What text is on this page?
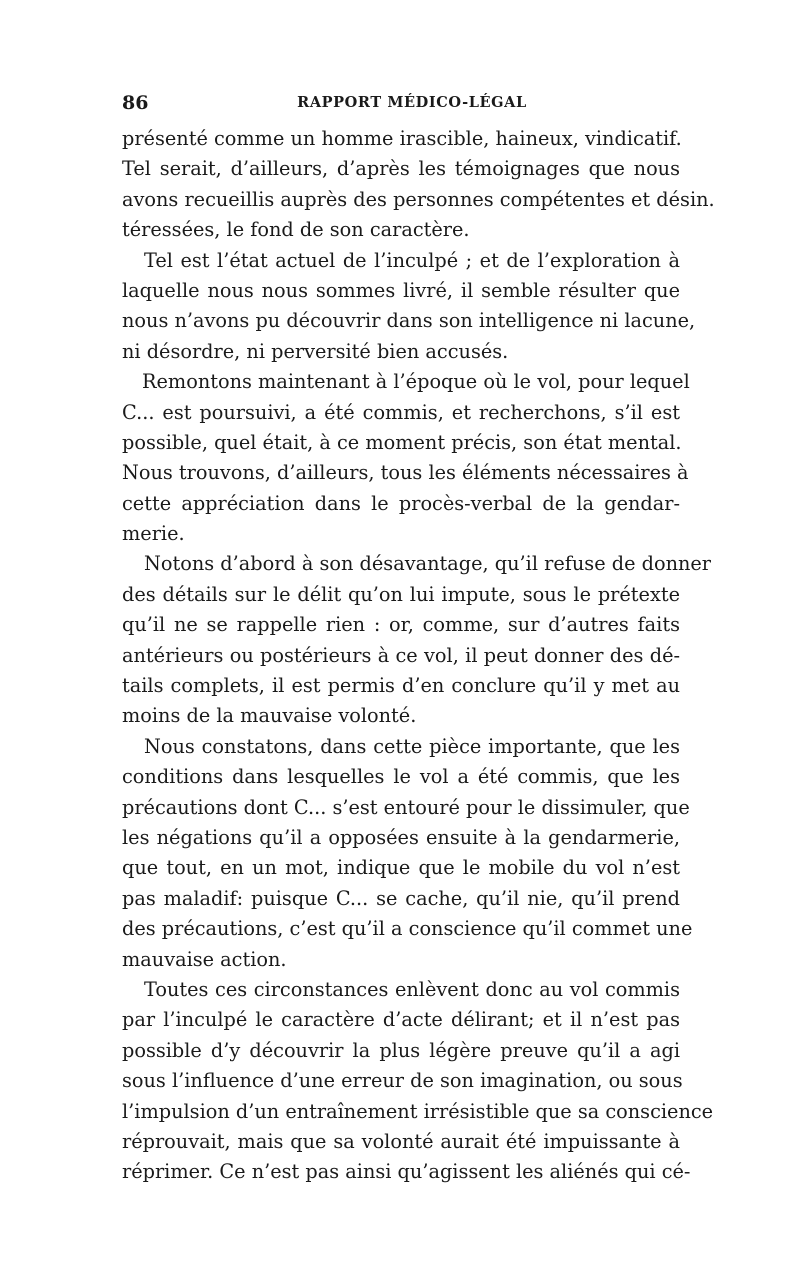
86	RAPPORT MÉDICO-LÉGAL
présenté comme un homme irascible, haineux, vindicatif.
Tel serait, d’ailleurs, d’après les témoignages que nous
avons recueillis auprès des personnes compétentes et désin.
téressées, le fond de son caractère.
Tel est l’état actuel de l’inculpé ; et de l’exploration à
laquelle nous nous sommes livré, il semble résulter que
nous n’avons pu découvrir dans son intelligence ni lacune,
ni désordre, ni perversité bien accusés.
Remontons maintenant à l’époque où le vol, pour lequel
C... est poursuivi, a été commis, et recherchons, s’il est
possible, quel était, à ce moment précis, son état mental.
Nous trouvons, d’ailleurs, tous les éléments nécessaires à
cette appréciation dans le procès-verbal de la gendar-
merie.
Notons d’abord à son désavantage, qu’il refuse de donner
des détails sur le délit qu’on lui impute, sous le prétexte
qu’il ne se rappelle rien : or, comme, sur d’autres faits
antérieurs ou postérieurs à ce vol, il peut donner des dé-
tails complets, il est permis d’en conclure qu’il y met au
moins de la mauvaise volonté.
Nous constatons, dans cette pièce importante, que les
conditions dans lesquelles le vol a été commis, que les
précautions dont C... s’est entouré pour le dissimuler, que
les négations qu’il a opposées ensuite à la gendarmerie,
que tout, en un mot, indique que le mobile du vol n’est
pas maladif: puisque C... se cache, qu’il nie, qu’il prend
des précautions, c’est qu’il a conscience qu’il commet une
mauvaise action.
Toutes ces circonstances enlèvent donc au vol commis
par l’inculpé le caractère d’acte délirant; et il n’est pas
possible d’y découvrir la plus légère preuve qu’il a agi
sous l’influence d’une erreur de son imagination, ou sous
l’impulsion d’un entraînement irrésistible que sa conscience
réprouvait, mais que sa volonté aurait été impuissante à
réprimer. Ce n’est pas ainsi qu’agissent les aliénés qui cé-
